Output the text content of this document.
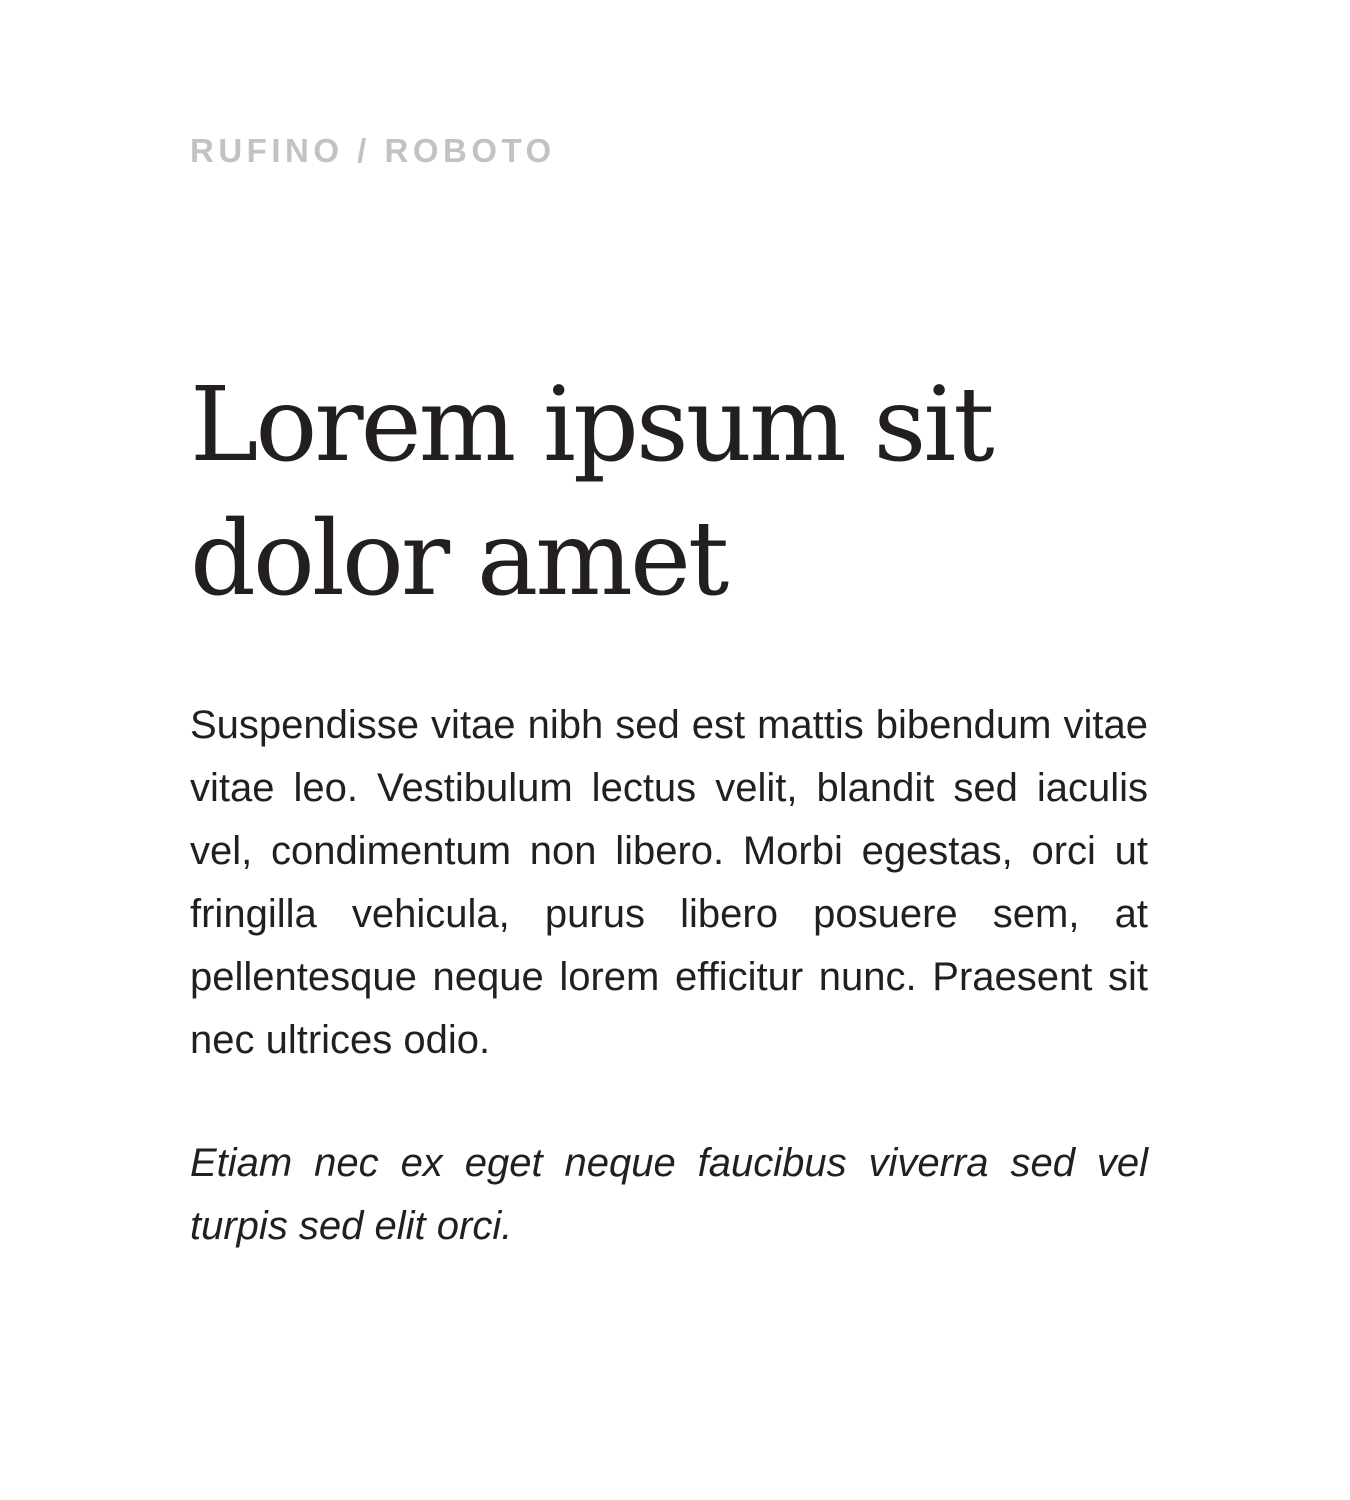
RUFINO / ROBOTO

Lorem ipsum sit
dolor amet

Suspendisse vitae nibh sed est mattis bibendum vitae vitae leo. Vestibulum lectus velit, blandit sed iaculis vel, condimentum non libero. Morbi egestas, orci ut fringilla vehicula, purus libero posuere sem, at pellentesque neque lorem efficitur nunc. Praesent sit nec ultrices odio.

Etiam nec ex eget neque faucibus viverra sed vel turpis sed elit orci.
